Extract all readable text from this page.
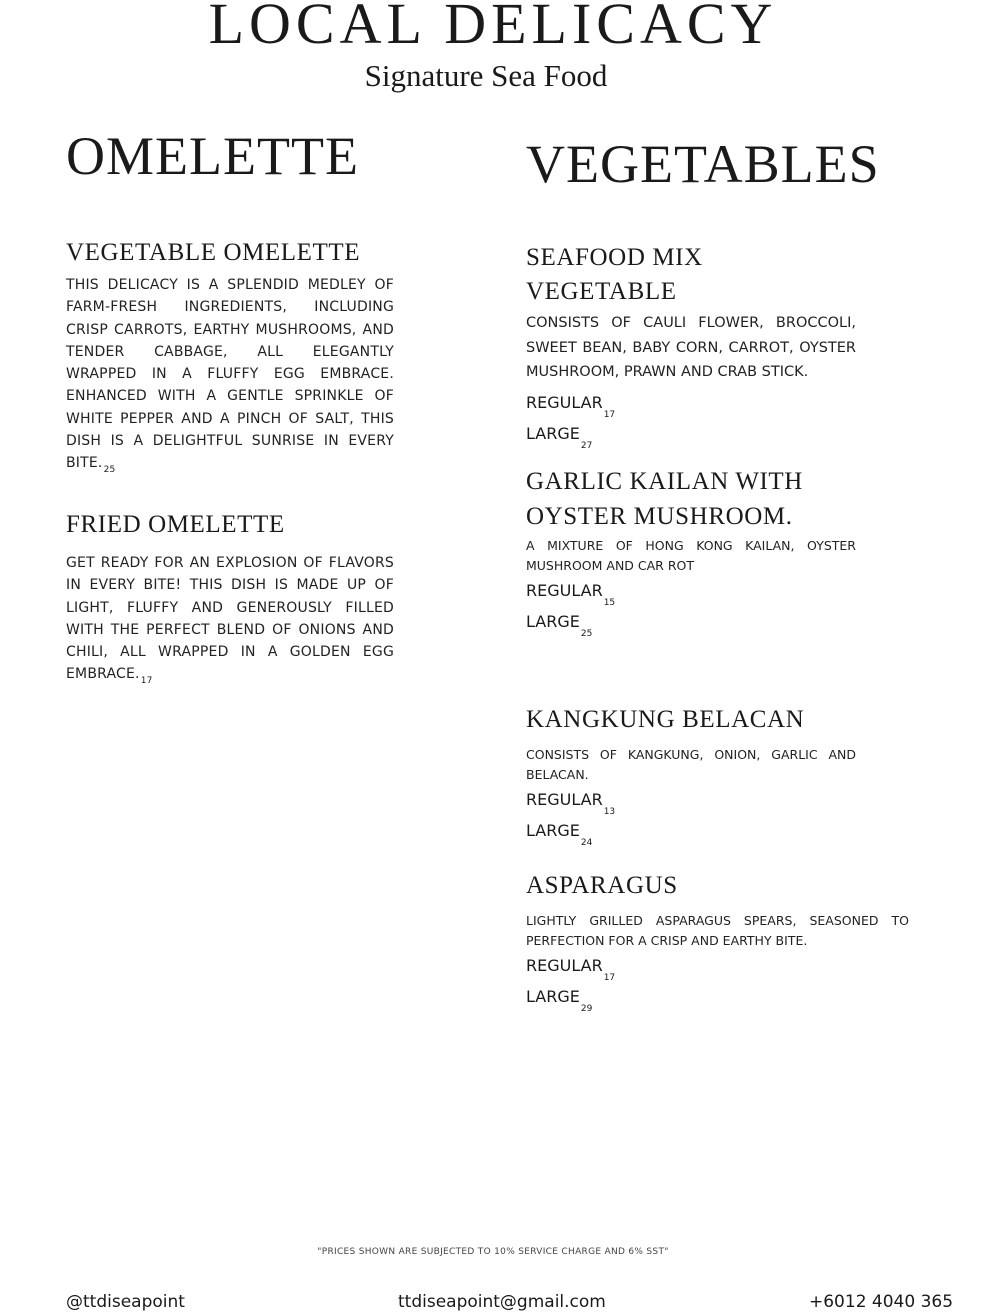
LOCAL DELICACY
Signature Sea Food
OMELETTE

VEGETABLE OMELETTE

THIS DELICACY IS A SPLENDID MEDLEY OF FARM-FRESH INGREDIENTS, INCLUDING CRISP CARROTS, EARTHY MUSHROOMS, AND TENDER CABBAGE, ALL ELEGANTLY WRAPPED IN A FLUFFY EGG EMBRACE. ENHANCED WITH A GENTLE SPRINKLE OF WHITE PEPPER AND A PINCH OF SALT, THIS DISH IS A DELIGHTFUL SUNRISE IN EVERY $BITE._{25}$

FRIED OMELETTE

GET READY FOR AN EXPLOSION OF FLAVORS IN EVERY BITE! THIS DISH IS MADE UP OF LIGHT, FLUFFY AND GENEROUSLY FILLED WITH THE PERFECT BLEND OF ONIONS AND CHILI, ALL WRAPPED IN A GOLDEN EGG $EMBRACE._{17}$

VEGETABLES

SEAFOOD MIX VEGETABLE

CONSISTS OF CAULI FLOWER, BROCCOLI, SWEET BEAN, BABY CORN, CARROT, OYSTER MUSHROOM, PRAWN AND CRAB STICK.

$REGULAR_{17}$

$LARGE_{27}$

GARLIC KAILAN WITH
OYSTER MUSHROOM.

A MIXTURE OF HONG KONG KAILAN, OYSTER MUSHROOM AND CAR ROT

$REGULAR_{15}$

$LARGE_{25}$

KANGKUNG BELACAN

CONSISTS OF KANGKUNG, ONION, GARLIC AND BELACAN.

$REGULAR_{13}$

$LARGE_{24}$

ASPARAGUS

LIGHTLY GRILLED ASPARAGUS SPEARS, SEASONED TO PERFECTION FOR A CRISP AND EARTHY BITE.

$REGULAR_{17}$

$LARGE_{29}$

"PRICES SHOWN ARE SUBJECTED TO 10% SERVICE CHARGE AND 6% SST"
@ttdiseapoint	ttdiseapoint@gmail.com	+6012 4040 365
